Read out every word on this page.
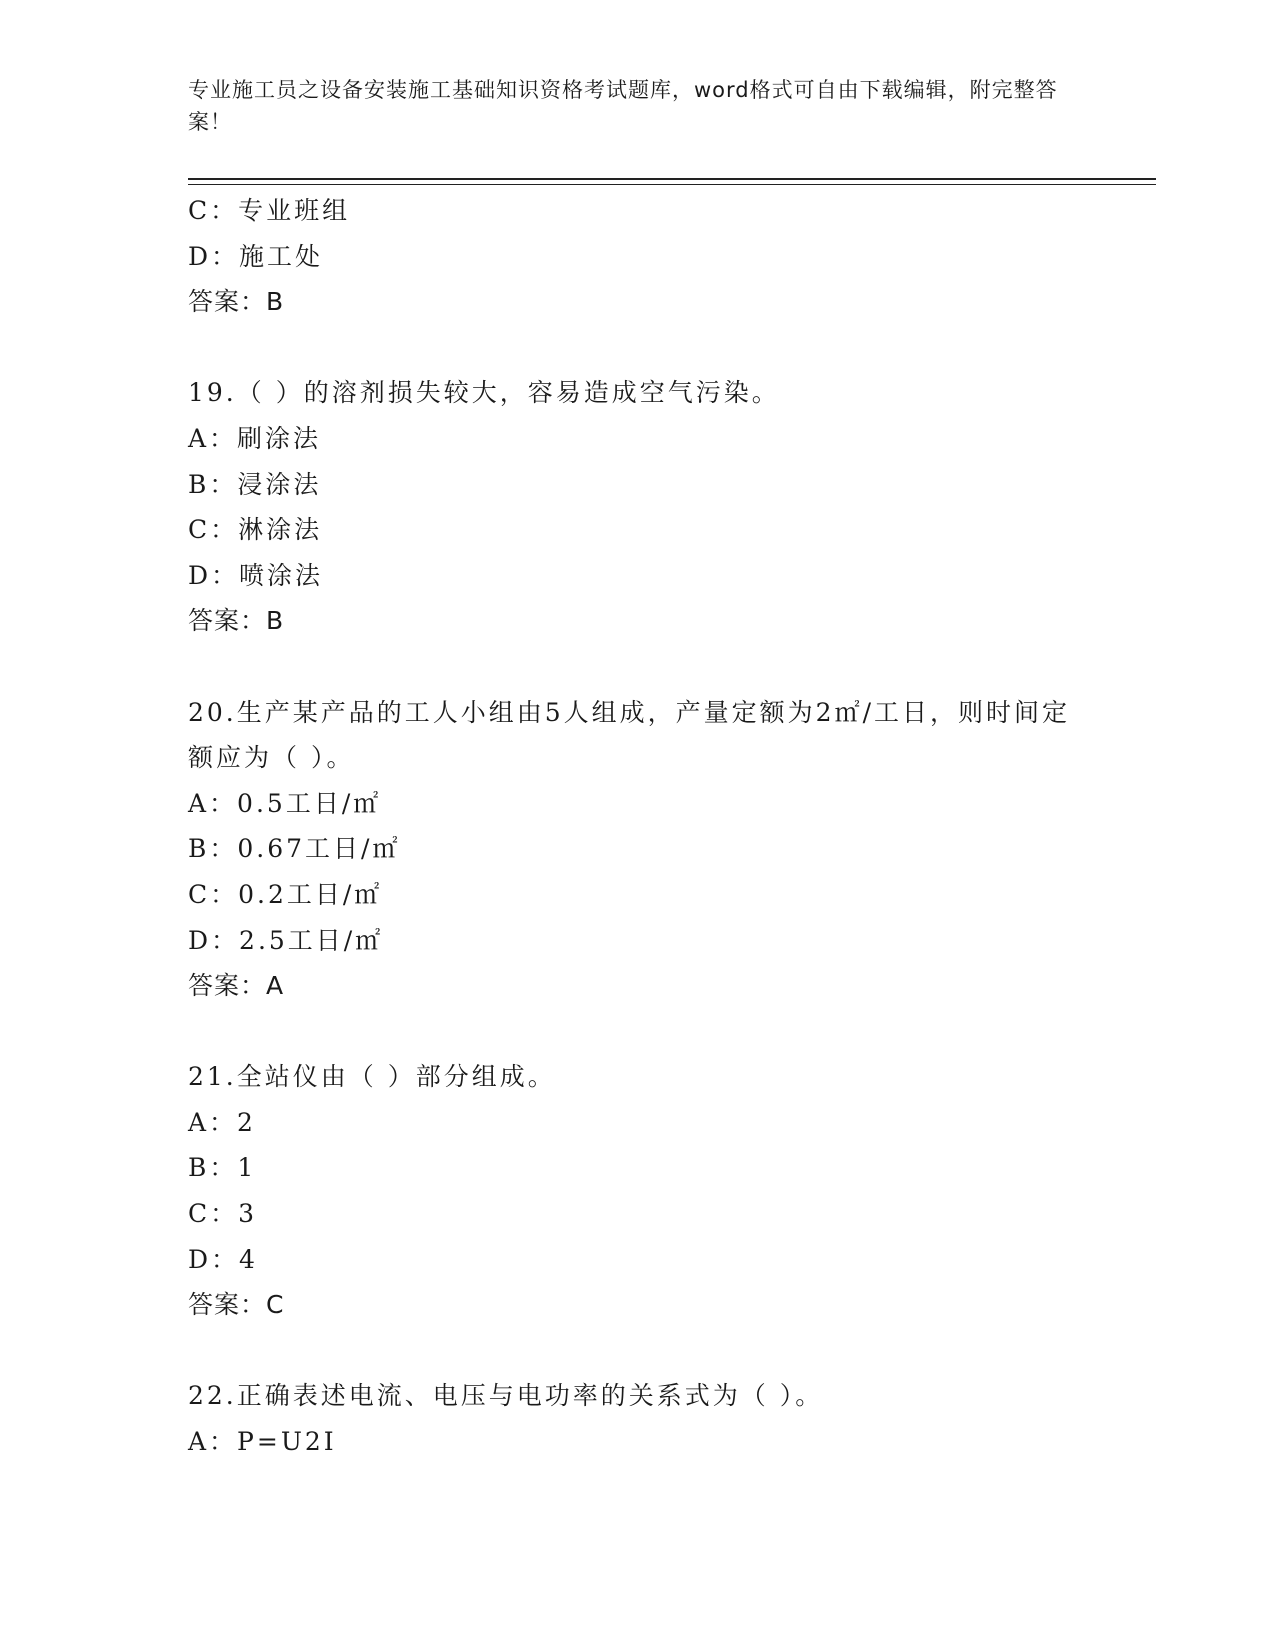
专业施工员之设备安装施工基础知识资格考试题库，word格式可自由下载编辑，附完整答案！
C：专业班组
D：施工处
答案：B
19.（ ）的溶剂损失较大，容易造成空气污染。
A：刷涂法
B：浸涂法
C：淋涂法
D：喷涂法
答案：B
20.生产某产品的工人小组由5人组成，产量定额为2㎡/工日，则时间定额应为（ ）。
A：0.5工日/㎡
B：0.67工日/㎡
C：0.2工日/㎡
D：2.5工日/㎡
答案：A
21.全站仪由（ ）部分组成。
A：2
B：1
C：3
D：4
答案：C
22.正确表述电流、电压与电功率的关系式为（ ）。
A：P=U2I
